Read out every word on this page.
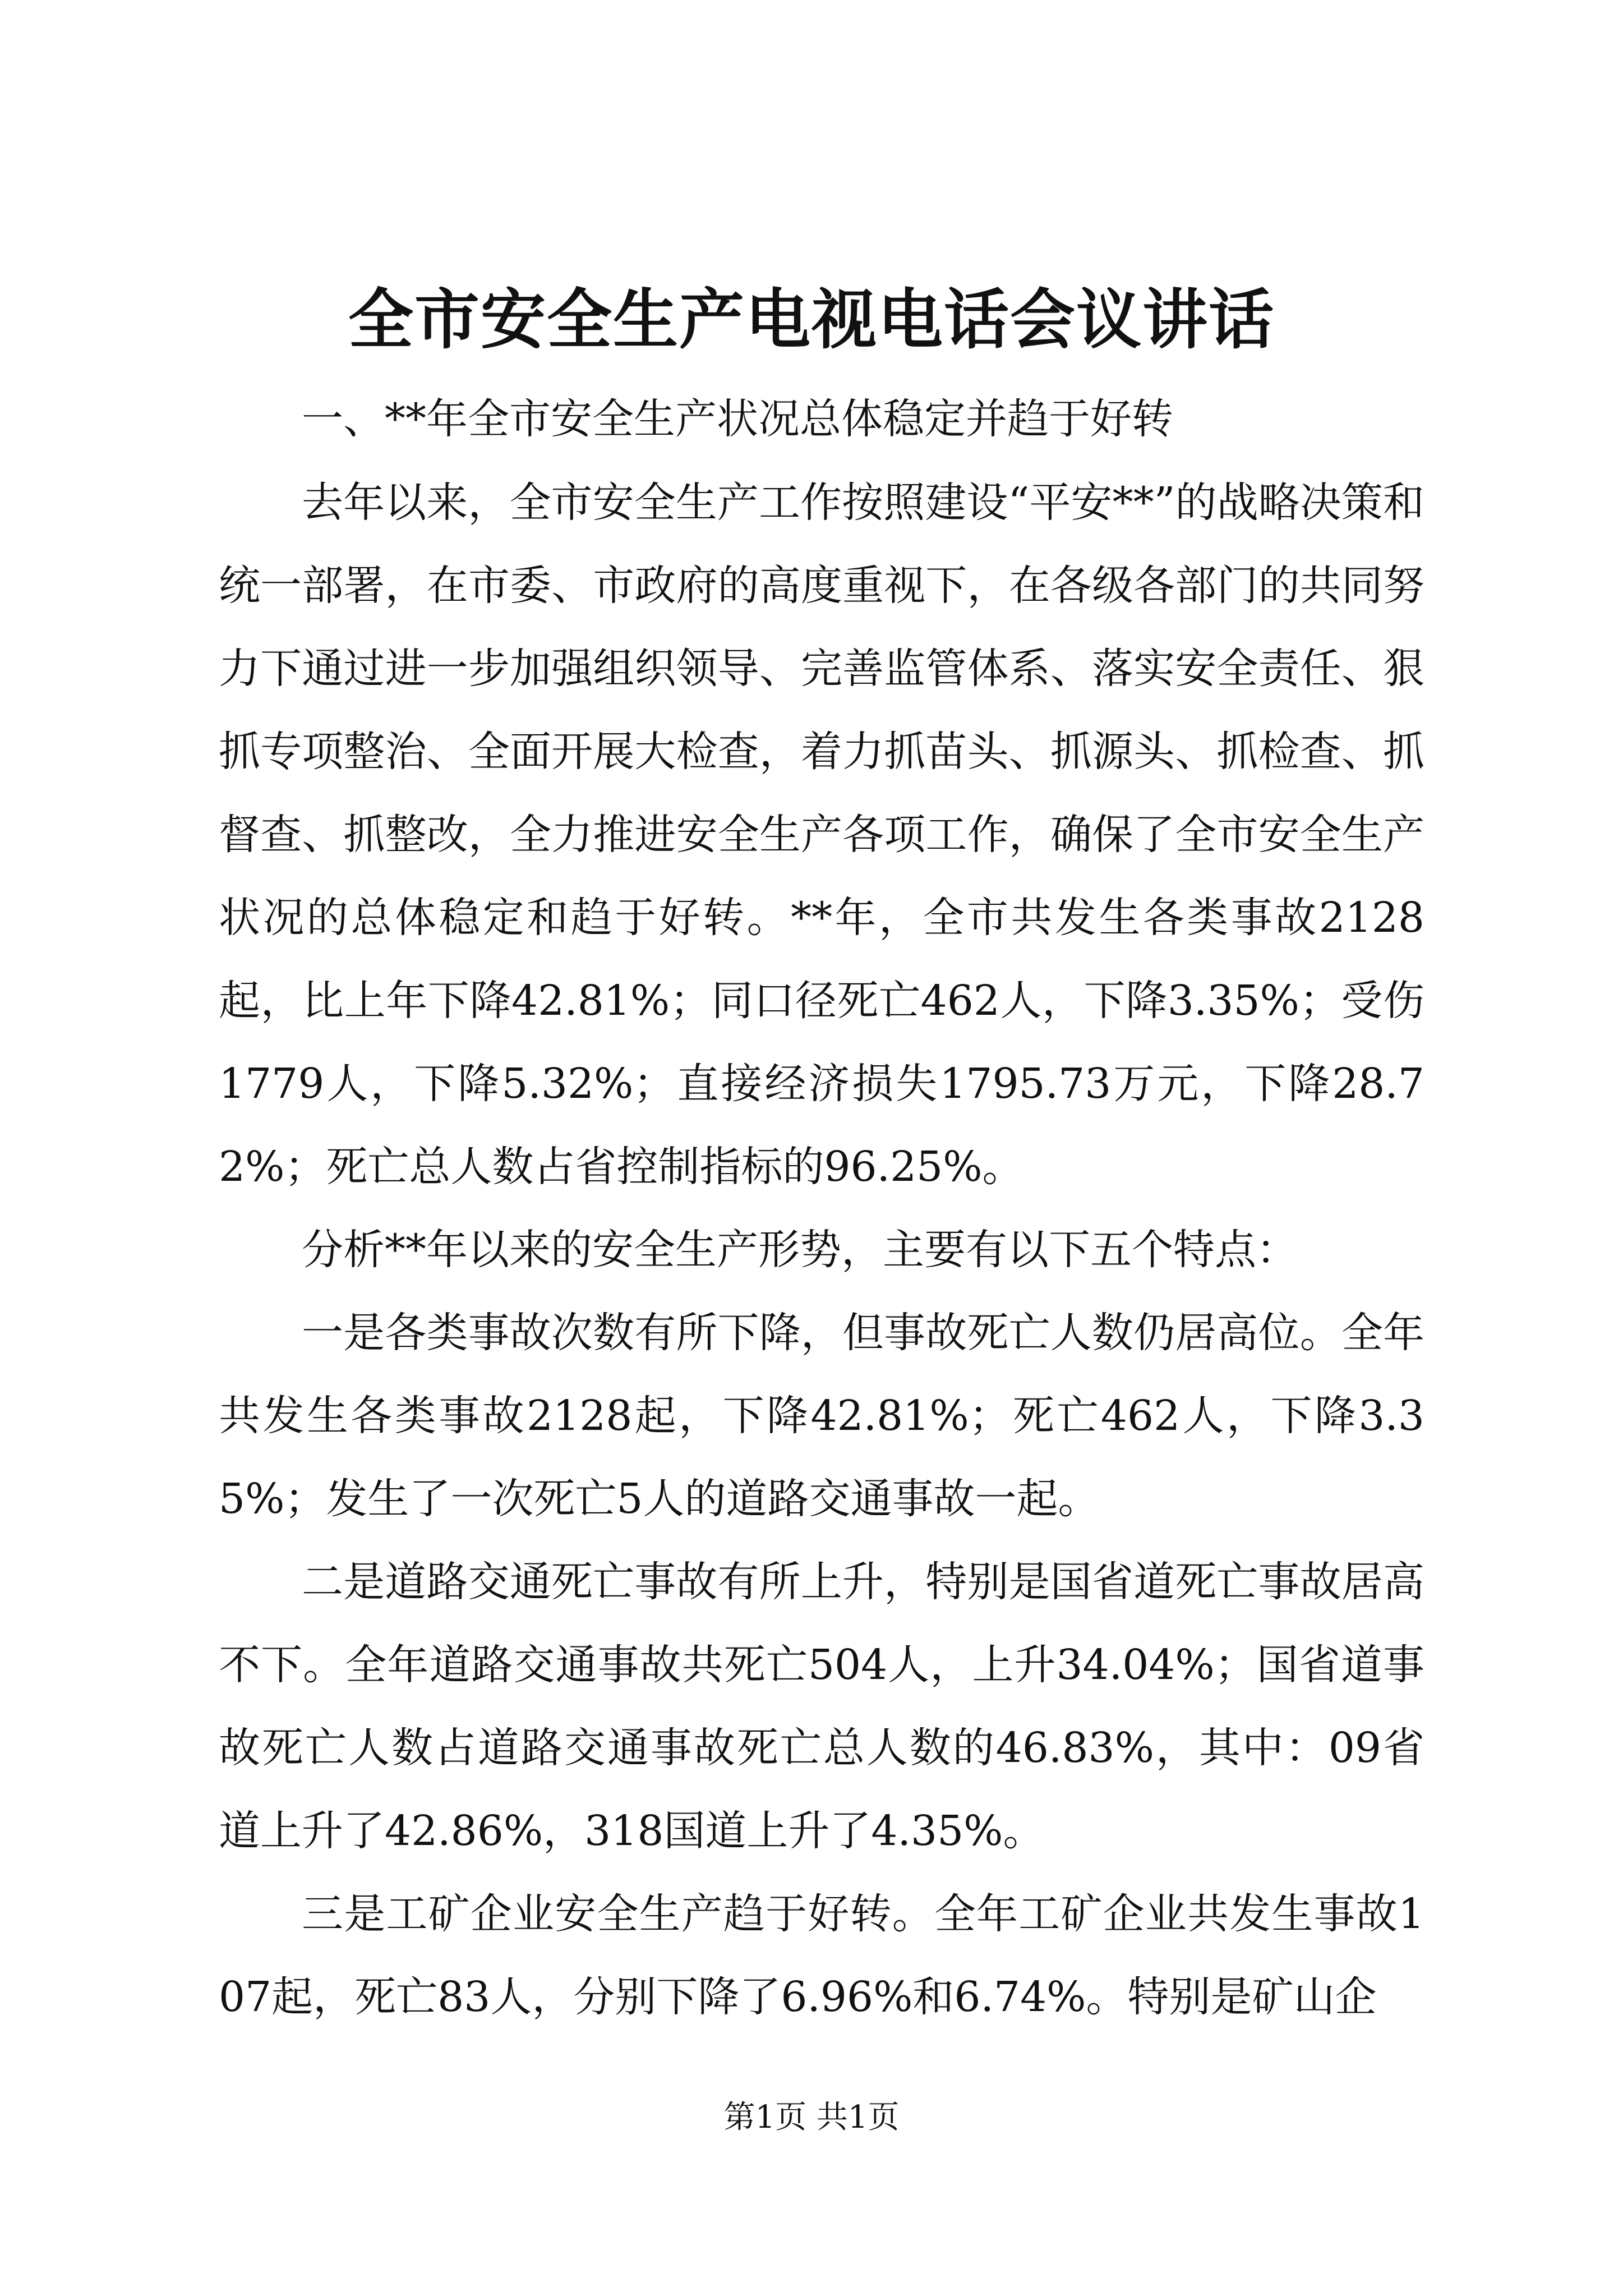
全市安全生产电视电话会议讲话

一、**年全市安全生产状况总体稳定并趋于好转

去年以来，全市安全生产工作按照建设“平安**”的战略决策和统一部署，在市委、市政府的高度重视下，在各级各部门的共同努力下通过进一步加强组织领导、完善监管体系、落实安全责任、狠抓专项整治、全面开展大检查，着力抓苗头、抓源头、抓检查、抓督查、抓整改，全力推进安全生产各项工作，确保了全市安全生产状况的总体稳定和趋于好转。**年，全市共发生各类事故2128起，比上年下降42.81%；同口径死亡462人，下降3.35%；受伤1779人，下降5.32%；直接经济损失1795.73万元，下降28.72%；死亡总人数占省控制指标的96.25%。

分析**年以来的安全生产形势，主要有以下五个特点：

一是各类事故次数有所下降，但事故死亡人数仍居高位。全年共发生各类事故2128起，下降42.81%；死亡462人，下降3.35%；发生了一次死亡5人的道路交通事故一起。

二是道路交通死亡事故有所上升，特别是国省道死亡事故居高不下。全年道路交通事故共死亡504人，上升34.04%；国省道事故死亡人数占道路交通事故死亡总人数的46.83%，其中：09省道上升了42.86%，318国道上升了4.35%。

三是工矿企业安全生产趋于好转。全年工矿企业共发生事故107起，死亡83人，分别下降了6.96%和6.74%。特别是矿山企

第1页 共1页
